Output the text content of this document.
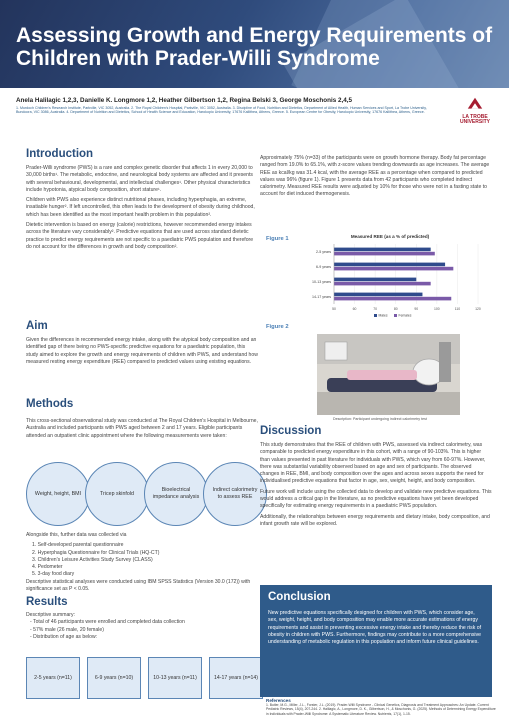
Assessing Growth and Energy Requirements of Children with Prader-Willi Syndrome
Anela Halilagic 1,2,3, Danielle K. Longmore 1,2, Heather Gilbertson 1,2, Regina Belski 3, George Moschonis 2,4,5
1. Murdoch Children's Research Institute, Parkville, VIC 3052, Australia. 2. The Royal Children's Hospital, Parkville, VIC 3052, Australia. 3. Discipline of Food, Nutrition and Dietetics, Department of Allied Health, Human Services and Sport, La Trobe University, Bundoora, VIC 3086, Australia. 4. Department of Nutrition and Dietetics, School of Health Science and Education, Harokopio University, 17676 Kallithea, Athens, Greece. 5. European Centre for Obesity, Harokopio University, 17676 Kallithea, Athens, Greece.
LA TROBE UNIVERSITY
Introduction
Prader-Willi syndrome (PWS) is a rare and complex genetic disorder that affects 1 in every 20,000 to 30,000 births¹. The metabolic, endocrine, and neurological body systems are affected and it presents with several behavioural, developmental, and intellectual challenges¹. Other physical characteristics include hypotonia, atypical body composition, short stature¹.
Children with PWS also experience distinct nutritional phases, including hyperphagia, an extreme, insatiable hunger². If left uncontrolled, this often leads to the development of obesity during childhood, which has been identified as the most important health problem in this population².
Dietetic intervention is based on energy (calorie) restrictions, however recommended energy intakes across the literature vary considerably². Predictive equations that are used across standard dietetic practice to predict energy requirements are not specific to a paediatric PWS population and therefore do not account for the differences in growth and body composition².
Aim
Given the differences in recommended energy intake, along with the atypical body composition and an identified gap of there being no PWS-specific predictive equations for a paediatric population, this study aimed to explore the growth and energy requirements of children with PWS, and understand how measured resting energy expenditure (REE) compared to predicted values using existing equations.
Methods
This cross-sectional observational study was conducted at The Royal Children's Hospital in Melbourne, Australia and included participants with PWS aged between 2 and 17 years. Eligible participants attended an outpatient clinic appointment where the following measurements were taken:
Weight, height, BMI	Tricep skinfold
Bioelectrical impedance analysis
Indirect calorimetry to assess REE
Alongside this, further data was collected via
1. Self-developed parental questionnaire
2. Hyperphagia Questionnaire for Clinical Trials (HQ-CT)
3. Children's Leisure Activities Study Survey (CLASS)
4. Pedometer
5. 3-day food diary
Descriptive statistical analyses were conducted using IBM SPSS Statistics (Version 30.0 (172)) with significance set as P < 0.05.
Results
Descriptive summary:
- Total of 46 participants were enrolled and completed data collection
- 57% male (26 male, 20 female)
- Distribution of age as below:
2-5 years (n=11)	6-9 years (n=10)	10-13 years (n=11)	14-17 years (n=14)
Approximately 75% (n=33) of the participants were on growth hormone therapy. Body fat percentage ranged from 19.0% to 65.1%, with z-score values trending downwards as age increases. The average REE as kcal/kg was 31.4 kcal, with the average REE as a percentage when compared to predicted values was 96% (figure 1). Figure 1 presents data from 42 participants who completed indirect calorimetry. Measured REE results were adjusted by 10% for those who were not in a fasting state to account for diet induced thermogenesis.
Figure 1	Measured REE (as a % of predicted)
50	60	70	80	90	100	110	120
2-5 years
6-9 years
10-13 years
14-17 years
Males	Females
Figure 2
Description: Participant undergoing indirect calorimetry test
Discussion
This study demonstrates that the REE of children with PWS, assessed via indirect calorimetry, was comparable to predicted energy expenditure in this cohort, with a range of 90-103%. This is higher than values presented in past literature for individuals with PWS, which vary from 60-97%. However, there was substantial variability observed based on age and sex of participants. The observed changes in REE, BMI, and body composition over the ages and across sexes supports the need for individualised predictive equations that factor in age, sex, weight, height, and body composition.
Future work will include using the collected data to develop and validate new predictive equations. This would address a critical gap in the literature, as no predictive equations have yet been developed specifically for estimating energy requirements in a paediatric PWS population.
Additionally, the relationships between energy requirements and dietary intake, body composition, and infant growth rate will be explored.
Conclusion
New predictive equations specifically designed for children with PWS, which consider age, sex, weight, height, and body composition may enable more accurate estimations of energy requirements and assist in preventing excessive energy intake and thereby reduce the risk of obesity in children with PWS. Furthermore, findings may contribute to a more comprehensive understanding of metabolic regulation in this population and inform future clinical guidelines.
References
1. Butler, M.G., Miller, J.L., Forster, J.L. (2019). Prader-Willi Syndrome - Clinical Genetics, Diagnosis and Treatment Approaches: An Update. Current Pediatric Reviews, 15(4), 207-244. 2. Halilagic, A., Longmore, D. K., Gilbertson, H., & Moschonis, G. (2025). Methods of Determining Energy Expenditure in Individuals with Prader-Willi Syndrome: A Systematic Literature Review. Nutrients, 17(1), 1-15.
